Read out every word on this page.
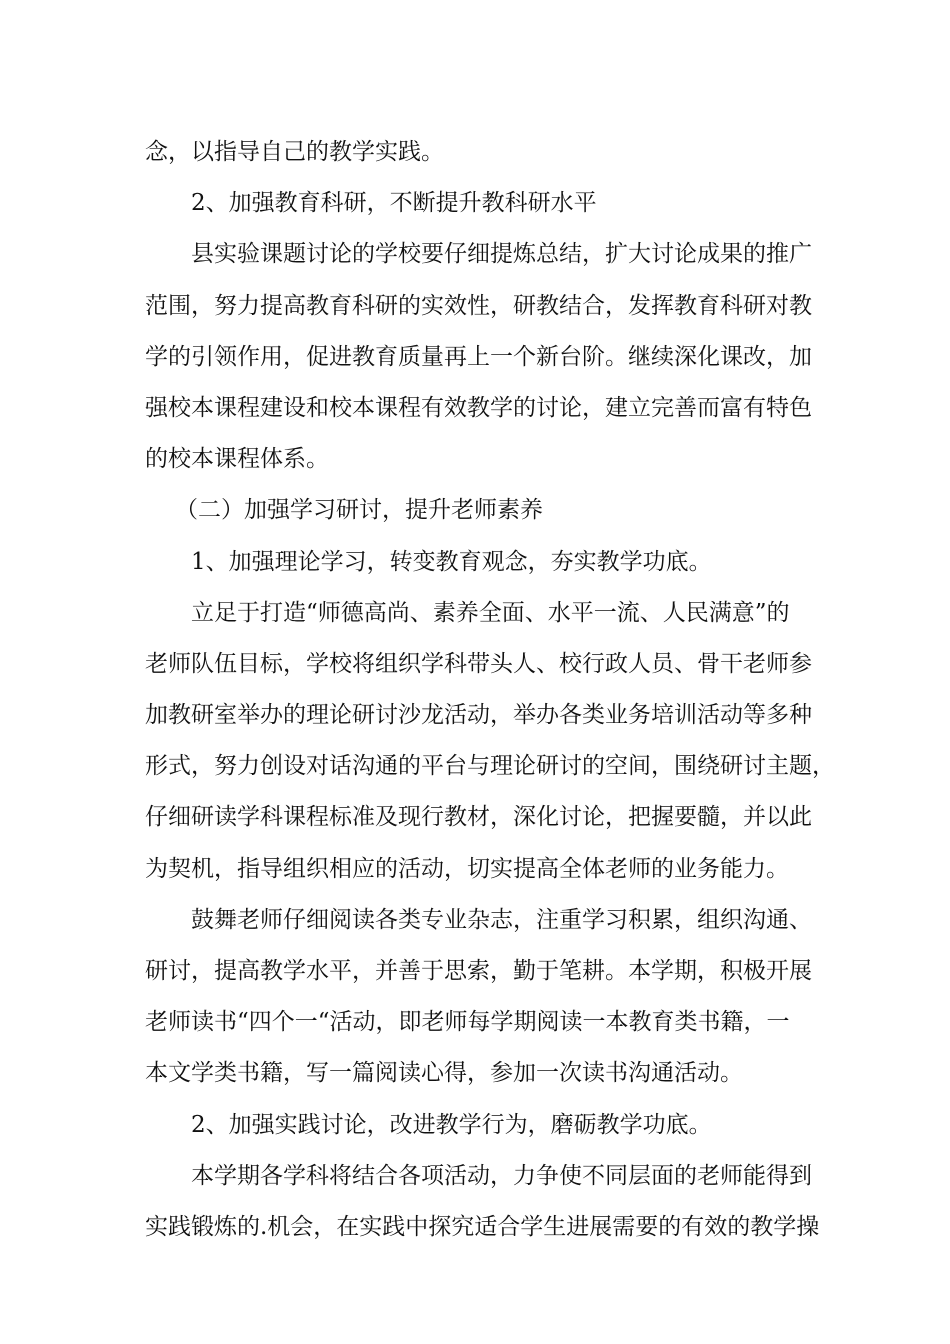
念，以指导自己的教学实践。
2、加强教育科研，不断提升教科研水平
县实验课题讨论的学校要仔细提炼总结，扩大讨论成果的推广
范围，努力提高教育科研的实效性，研教结合，发挥教育科研对教
学的引领作用，促进教育质量再上一个新台阶。继续深化课改，加
强校本课程建设和校本课程有效教学的讨论，建立完善而富有特色
的校本课程体系。
（二）加强学习研讨，提升老师素养
1、加强理论学习，转变教育观念，夯实教学功底。
立足于打造“师德高尚、素养全面、水平一流、人民满意”的
老师队伍目标，学校将组织学科带头人、校行政人员、骨干老师参
加教研室举办的理论研讨沙龙活动，举办各类业务培训活动等多种
形式，努力创设对话沟通的平台与理论研讨的空间，围绕研讨主题，
仔细研读学科课程标准及现行教材，深化讨论，把握要髓，并以此
为契机，指导组织相应的活动，切实提高全体老师的业务能力。
鼓舞老师仔细阅读各类专业杂志，注重学习积累，组织沟通、
研讨，提高教学水平，并善于思索，勤于笔耕。本学期，积极开展
老师读书“四个一“活动，即老师每学期阅读一本教育类书籍，一
本文学类书籍，写一篇阅读心得，参加一次读书沟通活动。
2、加强实践讨论，改进教学行为，磨砺教学功底。
本学期各学科将结合各项活动，力争使不同层面的老师能得到
实践锻炼的.机会，在实践中探究适合学生进展需要的有效的教学操
